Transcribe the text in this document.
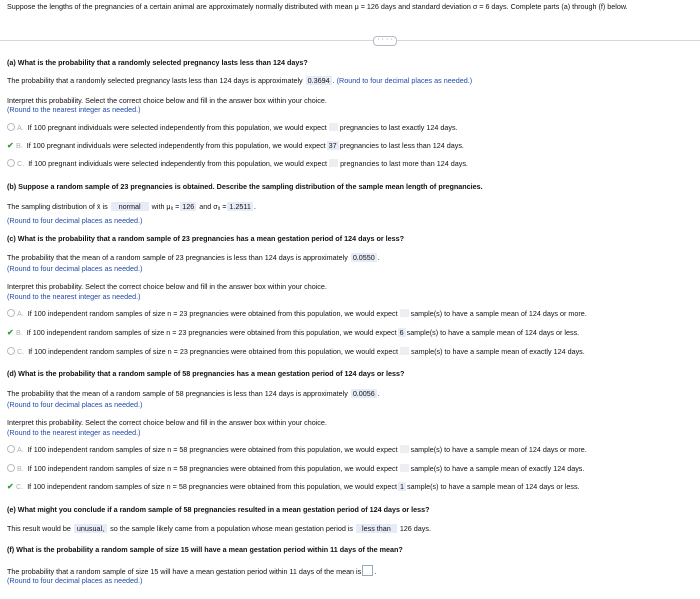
Suppose the lengths of the pregnancies of a certain animal are approximately normally distributed with mean μ = 126 days and standard deviation σ = 6 days. Complete parts (a) through (f) below.
· · · ·
(a) What is the probability that a randomly selected pregnancy lasts less than 124 days?
The probability that a randomly selected pregnancy lasts less than 124 days is approximately 0.3694 . (Round to four decimal places as needed.)
Interpret this probability. Select the correct choice below and fill in the answer box within your choice.
(Round to the nearest integer as needed.)
A. If 100 pregnant individuals were selected independently from this population, we would expect pregnancies to last exactly 124 days.
✔ B. If 100 pregnant individuals were selected independently from this population, we would expect 37 pregnancies to last less than 124 days.
C. If 100 pregnant individuals were selected independently from this population, we would expect pregnancies to last more than 124 days.
(b) Suppose a random sample of 23 pregnancies is obtained. Describe the sampling distribution of the sample mean length of pregnancies.
The sampling distribution of x̄ is normal with $\mu_{x̄} = 126$ and $\sigma_{x̄} = 1.2511$ .
(Round to four decimal places as needed.)
(c) What is the probability that a random sample of 23 pregnancies has a mean gestation period of 124 days or less?
The probability that the mean of a random sample of 23 pregnancies is less than 124 days is approximately 0.0550 .
(Round to four decimal places as needed.)
Interpret this probability. Select the correct choice below and fill in the answer box within your choice.
(Round to the nearest integer as needed.)
A. If 100 independent random samples of size n = 23 pregnancies were obtained from this population, we would expect sample(s) to have a sample mean of 124 days or more.
✔ B. If 100 independent random samples of size n = 23 pregnancies were obtained from this population, we would expect 6 sample(s) to have a sample mean of 124 days or less.
C. If 100 independent random samples of size n = 23 pregnancies were obtained from this population, we would expect sample(s) to have a sample mean of exactly 124 days.
(d) What is the probability that a random sample of 58 pregnancies has a mean gestation period of 124 days or less?
The probability that the mean of a random sample of 58 pregnancies is less than 124 days is approximately 0.0056 .
(Round to four decimal places as needed.)
Interpret this probability. Select the correct choice below and fill in the answer box within your choice.
(Round to the nearest integer as needed.)
A. If 100 independent random samples of size n = 58 pregnancies were obtained from this population, we would expect sample(s) to have a sample mean of 124 days or more.
B. If 100 independent random samples of size n = 58 pregnancies were obtained from this population, we would expect sample(s) to have a sample mean of exactly 124 days.
✔ C. If 100 independent random samples of size n = 58 pregnancies were obtained from this population, we would expect 1 sample(s) to have a sample mean of 124 days or less.
(e) What might you conclude if a random sample of 58 pregnancies resulted in a mean gestation period of 124 days or less?
This result would be unusual, so the sample likely came from a population whose mean gestation period is less than 126 days.
(f) What is the probability a random sample of size 15 will have a mean gestation period within 11 days of the mean?
The probability that a random sample of size 15 will have a mean gestation period within 11 days of the mean is .
(Round to four decimal places as needed.)
